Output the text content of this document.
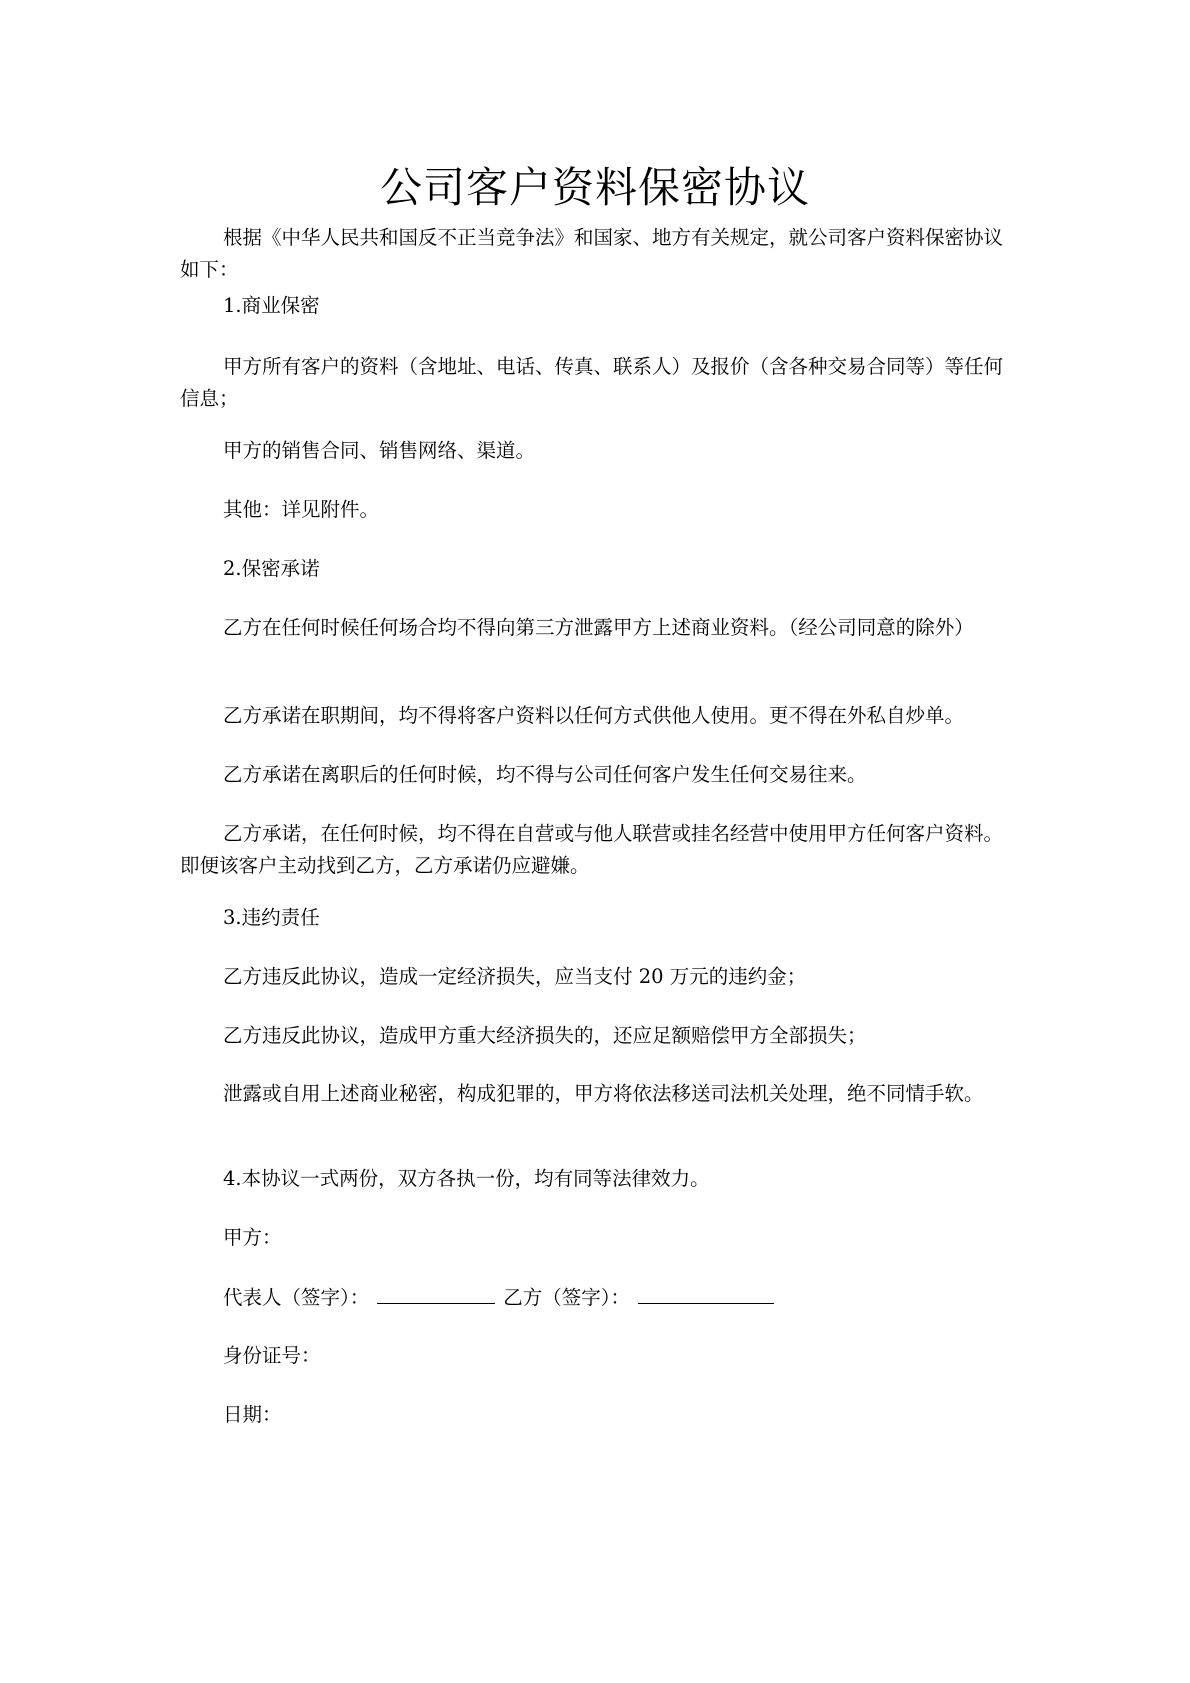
公司客户资料保密协议
根据《中华人民共和国反不正当竞争法》和国家、地方有关规定，就公司客户资料保密协议如下：
1.商业保密
甲方所有客户的资料（含地址、电话、传真、联系人）及报价（含各种交易合同等）等任何信息；
甲方的销售合同、销售网络、渠道。
其他：详见附件。
2.保密承诺
乙方在任何时候任何场合均不得向第三方泄露甲方上述商业资料。（经公司同意的除外）
乙方承诺在职期间，均不得将客户资料以任何方式供他人使用。更不得在外私自炒单。
乙方承诺在离职后的任何时候，均不得与公司任何客户发生任何交易往来。
乙方承诺，在任何时候，均不得在自营或与他人联营或挂名经营中使用甲方任何客户资料。即便该客户主动找到乙方，乙方承诺仍应避嫌。
3.违约责任
乙方违反此协议，造成一定经济损失，应当支付 20 万元的违约金；
乙方违反此协议，造成甲方重大经济损失的，还应足额赔偿甲方全部损失；
泄露或自用上述商业秘密，构成犯罪的，甲方将依法移送司法机关处理，绝不同情手软。
4.本协议一式两份，双方各执一份，均有同等法律效力。
甲方：
代表人（签字）：	乙方（签字）：
身份证号：
日期：
